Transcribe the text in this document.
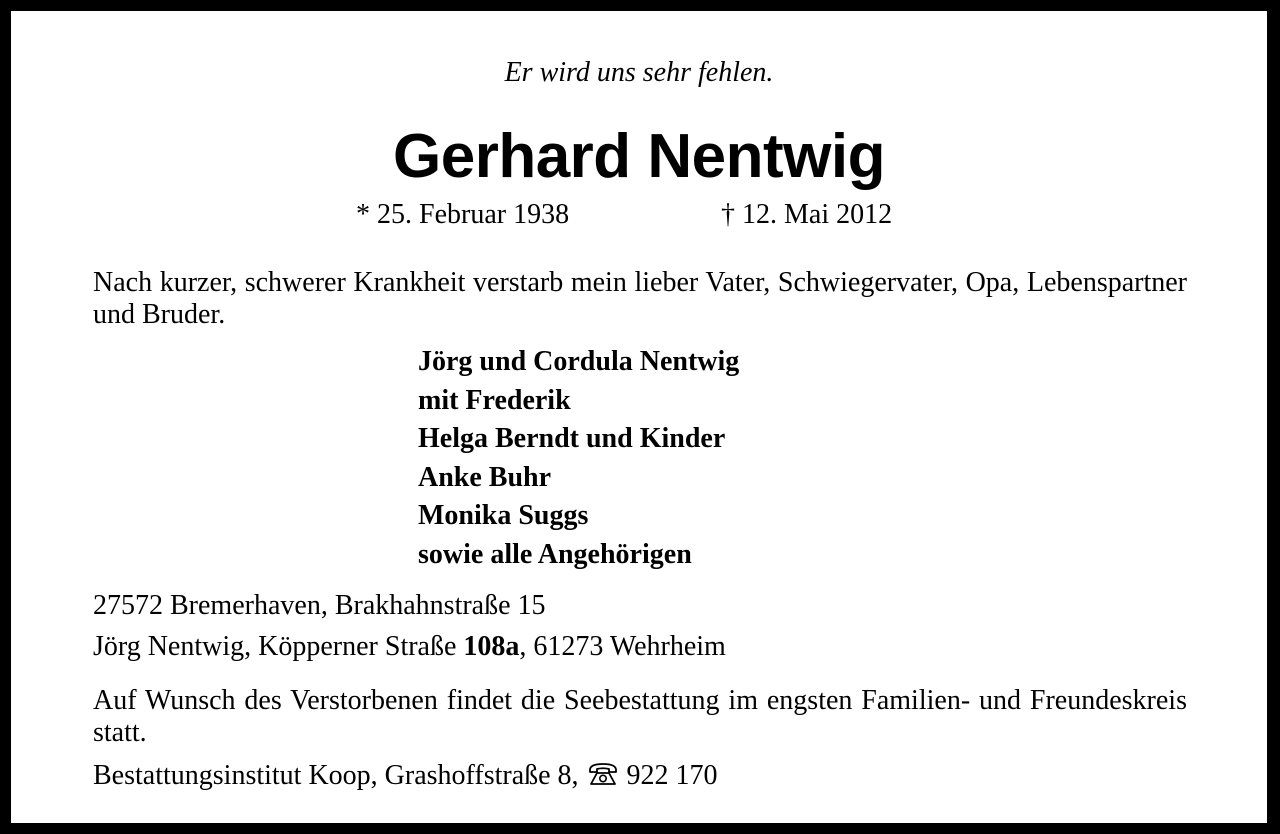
Er wird uns sehr fehlen.

Gerhard Nentwig
* 25. Februar 1938	† 12. Mai 2012

Nach kurzer, schwerer Krankheit verstarb mein lieber Vater, Schwiegervater, Opa, Lebenspartner und Bruder.

Jörg und Cordula Nentwig
mit Frederik
Helga Berndt und Kinder
Anke Buhr
Monika Suggs
sowie alle Angehörigen

27572 Bremerhaven, Brakhahnstraße 15

Jörg Nentwig, Köpperner Straße 108a, 61273 Wehrheim

Auf Wunsch des Verstorbenen findet die Seebestattung im engsten Familien- und Freundeskreis statt.

Bestattungsinstitut Koop, Grashoffstraße 8, 922 170
